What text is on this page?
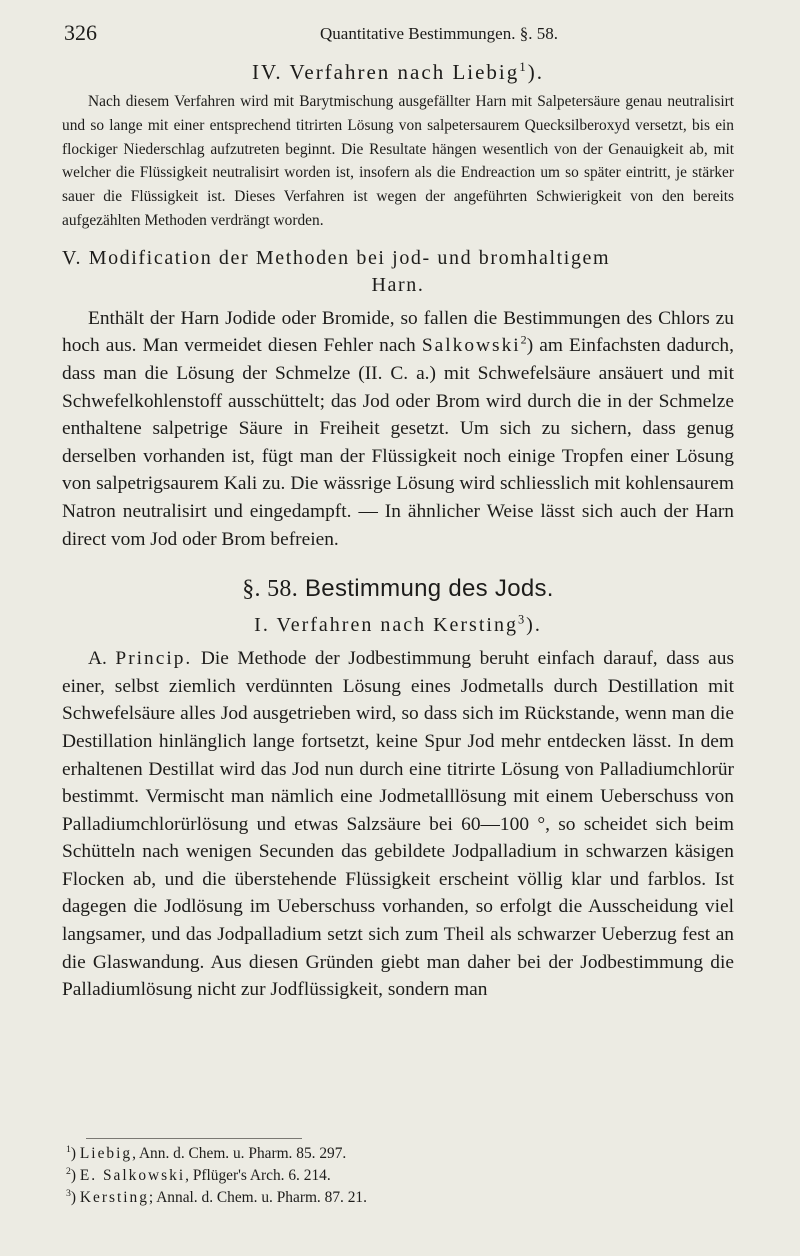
326	Quantitative Bestimmungen. §. 58.
IV. Verfahren nach Liebig$^1$).

Nach diesem Verfahren wird mit Barytmischung ausgefällter Harn mit Salpetersäure genau neutralisirt und so lange mit einer entsprechend titrirten Lösung von salpetersaurem Quecksilberoxyd versetzt, bis ein flockiger Niederschlag aufzutreten beginnt. Die Resultate hängen wesentlich von der Genauigkeit ab, mit welcher die Flüssigkeit neutralisirt worden ist, insofern als die Endreaction um so später eintritt, je stärker sauer die Flüssigkeit ist. Dieses Verfahren ist wegen der angeführten Schwierigkeit von den bereits aufgezählten Methoden verdrängt worden.

V. Modification der Methoden bei jod- und bromhaltigem
Harn.

Enthält der Harn Jodide oder Bromide, so fallen die Bestimmungen des Chlors zu hoch aus. Man vermeidet diesen Fehler nach Salkowski$^2$) am Einfachsten dadurch, dass man die Lösung der Schmelze (II. C. a.) mit Schwefelsäure ansäuert und mit Schwefelkohlenstoff ausschüttelt; das Jod oder Brom wird durch die in der Schmelze enthaltene salpetrige Säure in Freiheit gesetzt. Um sich zu sichern, dass genug derselben vorhanden ist, fügt man der Flüssigkeit noch einige Tropfen einer Lösung von salpetrigsaurem Kali zu. Die wässrige Lösung wird schliesslich mit kohlensaurem Natron neutralisirt und eingedampft. — In ähnlicher Weise lässt sich auch der Harn direct vom Jod oder Brom befreien.

§. 58. Bestimmung des Jods.
I. Verfahren nach Kersting$^3$).

A. Princip. Die Methode der Jodbestimmung beruht einfach darauf, dass aus einer, selbst ziemlich verdünnten Lösung eines Jodmetalls durch Destillation mit Schwefelsäure alles Jod ausgetrieben wird, so dass sich im Rückstande, wenn man die Destillation hinlänglich lange fortsetzt, keine Spur Jod mehr entdecken lässt. In dem erhaltenen Destillat wird das Jod nun durch eine titrirte Lösung von Palladiumchlorür bestimmt. Vermischt man nämlich eine Jodmetalllösung mit einem Ueberschuss von Palladiumchlorürlösung und etwas Salzsäure bei 60—100 °, so scheidet sich beim Schütteln nach wenigen Secunden das gebildete Jodpalladium in schwarzen käsigen Flocken ab, und die überstehende Flüssigkeit erscheint völlig klar und farblos. Ist dagegen die Jodlösung im Ueberschuss vorhanden, so erfolgt die Ausscheidung viel langsamer, und das Jodpalladium setzt sich zum Theil als schwarzer Ueberzug fest an die Glaswandung. Aus diesen Gründen giebt man daher bei der Jodbestimmung die Palladiumlösung nicht zur Jodflüssigkeit, sondern man

$^1$) Liebig, Ann. d. Chem. u. Pharm. 85. 297.

$^2$) E. Salkowski, Pflüger's Arch. 6. 214.

$^3$) Kersting; Annal. d. Chem. u. Pharm. 87. 21.
